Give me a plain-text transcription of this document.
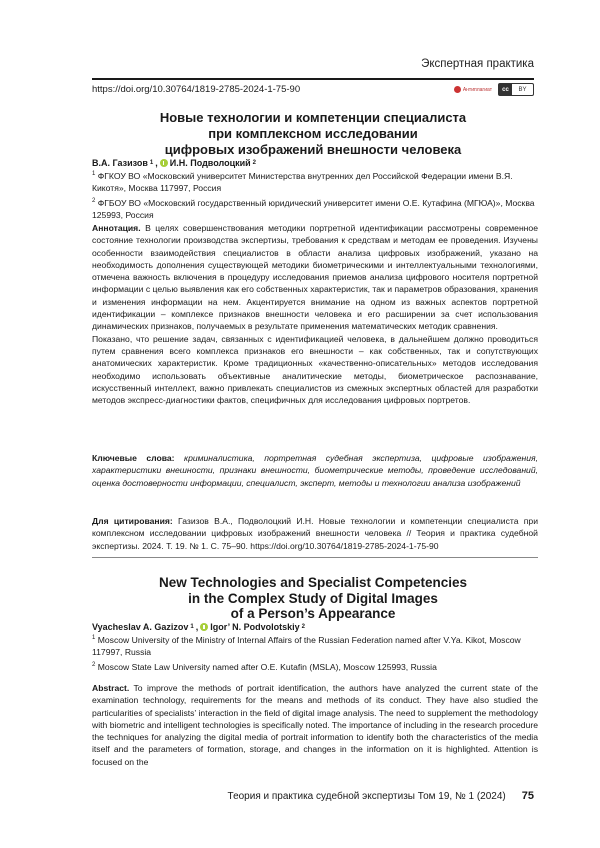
Экспертная практика
https://doi.org/10.30764/1819-2785-2024-1-75-90	Антиплагиат	cc	BY
Новые технологии и компетенции специалиста
при комплексном исследовании
цифровых изображений внешности человека
В.А. Газизов 1 , И.Н. Подволоцкий 2

$^1$ ФГКОУ ВО «Московский университет Министерства внутренних дел Российской Федерации имени В.Я. Кикотя», Москва 117997, Россия

$^2$ ФГБОУ ВО «Московский государственный юридический университет имени О.Е. Кутафина (МГЮА)», Москва 125993, Россия

Аннотация. В целях совершенствования методики портретной идентификации рассмотрены современное состояние технологии производства экспертизы, требования к средствам и методам ее проведения. Изучены особенности взаимодействия специалистов в области анализа цифровых изображений, указано на необходимость дополнения существующей методики биометрическими и интеллектуальными технологиями, отмечена важность включения в процедуру исследования приемов анализа цифрового носителя портретной информации с целью выявления как его собственных характеристик, так и параметров образования, хранения и изменения информации на нем. Акцентируется внимание на одном из важных аспектов портретной идентификации – комплексе признаков внешности человека и его расширении за счет использования динамических признаков, получаемых в результате применения математических методик сравнения.

Показано, что решение задач, связанных с идентификацией человека, в дальнейшем должно проводиться путем сравнения всего комплекса признаков его внешности – как собственных, так и сопутствующих анатомических характеристик. Кроме традиционных «качественно-описательных» методов исследования необходимо использовать объективные аналитические методы, биометрическое распознавание, искусственный интеллект, важно привлекать специалистов из смежных экспертных областей для разработки методов экспресс-диагностики фактов, специфичных для исследования цифровых портретов.

Ключевые слова: криминалистика, портретная судебная экспертиза, цифровые изображения, характеристики внешности, признаки внешности, биометрические методы, проведение исследований, оценка достоверности информации, специалист, эксперт, методы и технологии анализа изображений

Для цитирования: Газизов В.А., Подволоцкий И.Н. Новые технологии и компетенции специалиста при комплексном исследовании цифровых изображений внешности человека // Теория и практика судебной экспертизы. 2024. Т. 19. № 1. С. 75–90. https://doi.org/10.30764/1819-2785-2024-1-75-90

New Technologies and Specialist Competencies
in the Complex Study of Digital Images
of a Person’s Appearance
Vyacheslav A. Gazizov 1 , Igor’ N. Podvolotskiy 2

$^1$ Moscow University of the Ministry of Internal Affairs of the Russian Federation named after V.Ya. Kikot, Moscow 117997, Russia

$^2$ Moscow State Law University named after O.E. Kutafin (MSLA), Moscow 125993, Russia

Abstract. To improve the methods of portrait identification, the authors have analyzed the current state of the examination technology, requirements for the means and methods of its conduct. They have also studied the particularities of specialists’ interaction in the field of digital image analysis. The need to supplement the methodology with biometric and intelligent technologies is specifically noted. The importance of including in the research procedure the techniques for analyzing the digital media of portrait information to identify both the characteristics of the media itself and the parameters of formation, storage, and changes in the information on it is highlighted. Attention is focused on the

Теория и практика судебной экспертизы Том 19, № 1 (2024) 75
